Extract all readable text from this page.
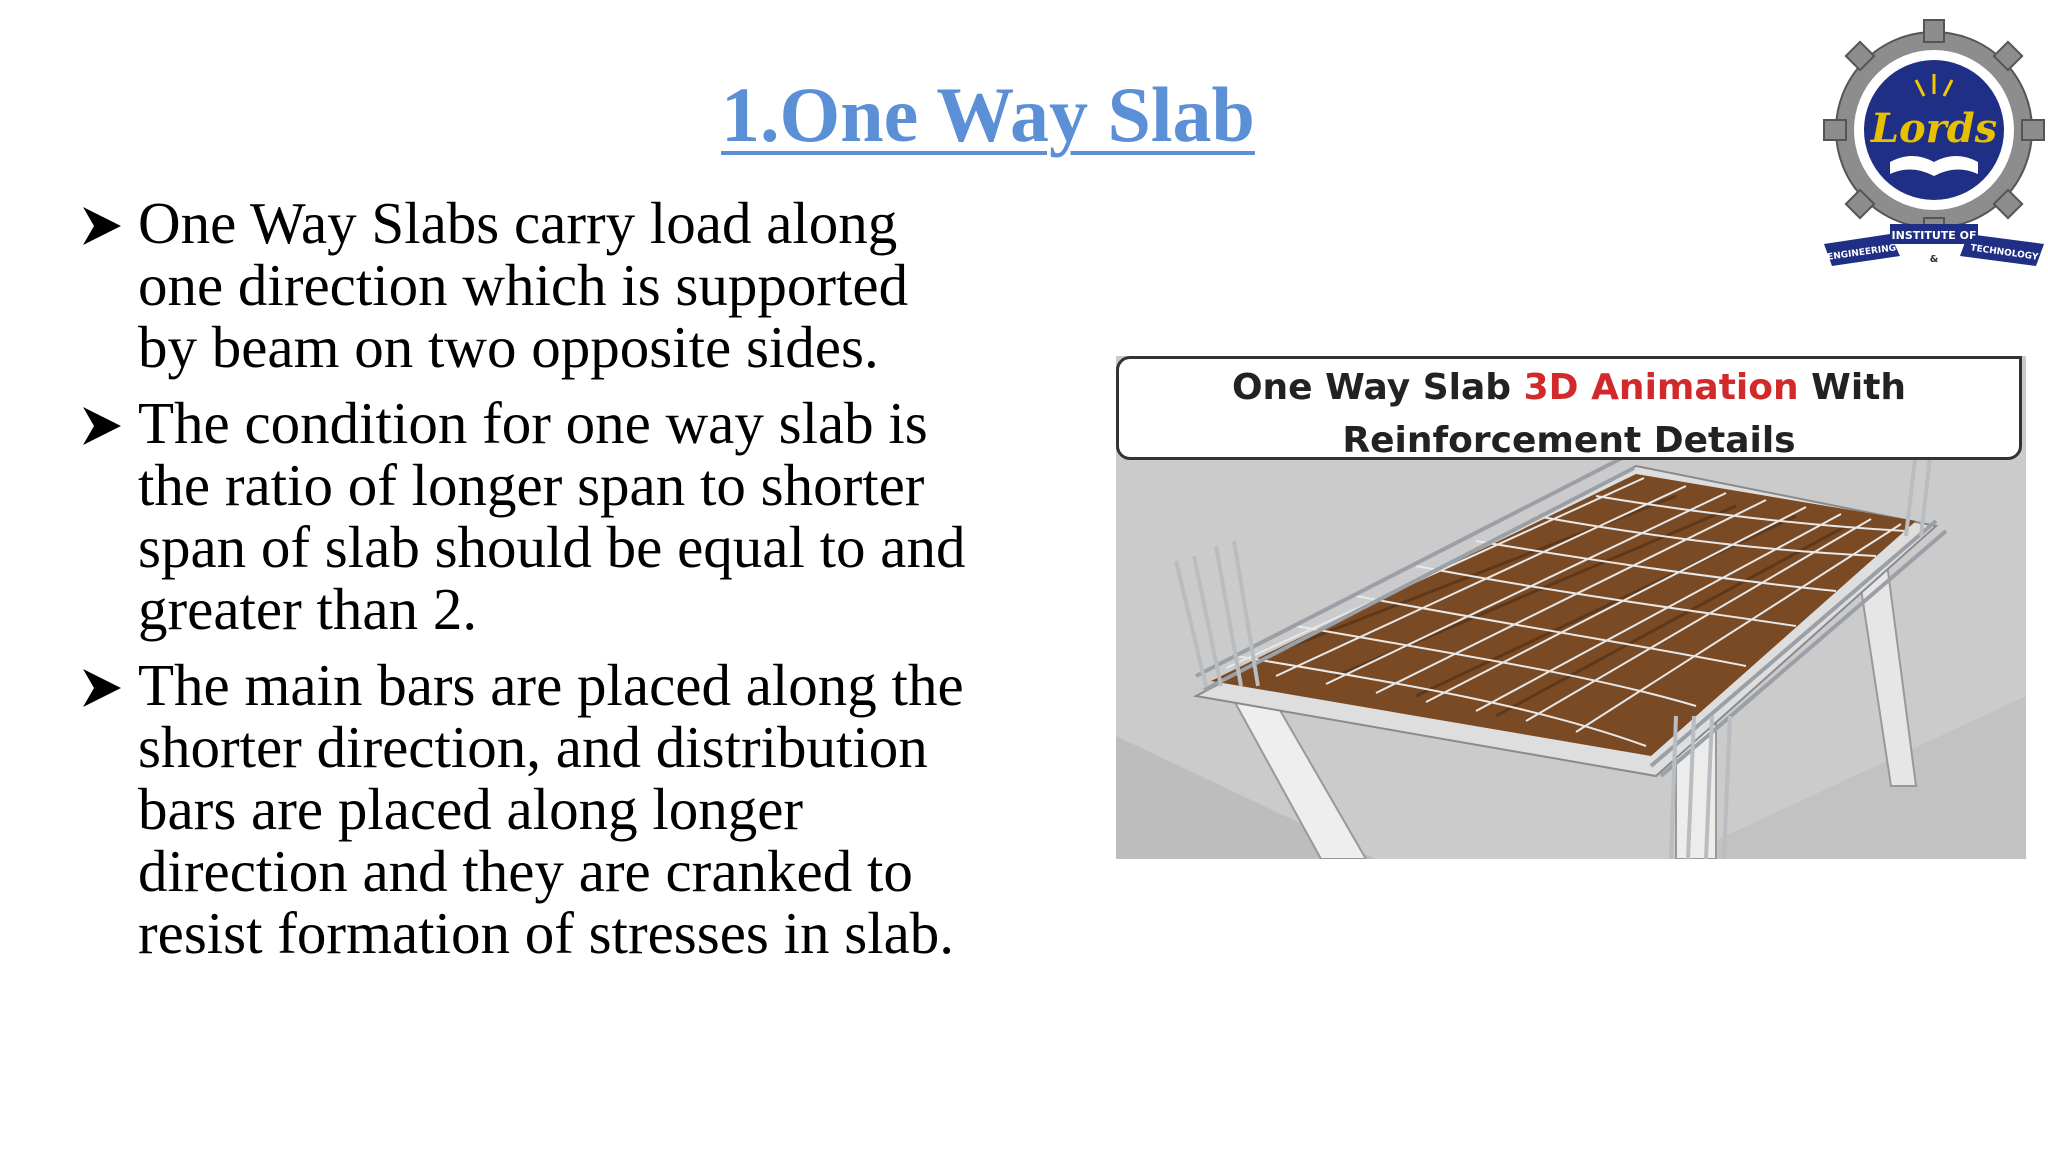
1.One Way Slab
One Way Slabs carry load along
one direction which is supported
by beam on two opposite sides.
The condition for one way slab is
the ratio of longer span to shorter
span of slab should be equal to and
greater than 2.
The main bars are placed along the
shorter direction, and distribution
bars are placed along longer
direction and they are cranked to
resist formation of stresses in slab.
One Way Slab 3D Animation With
Reinforcement Details
Lords
INSTITUTE OF
ENGINEERING	&	TECHNOLOGY
